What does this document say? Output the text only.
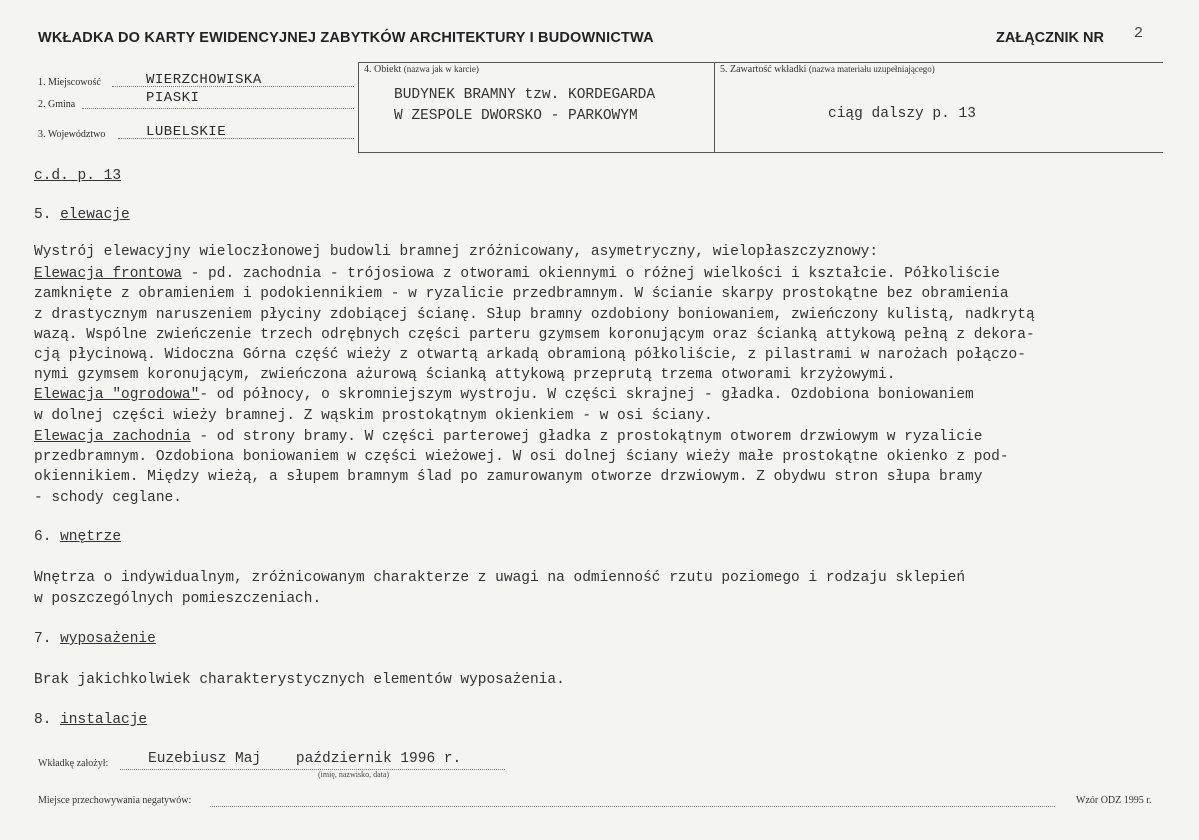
WKŁADKA DO KARTY EWIDENCYJNEJ ZABYTKÓW ARCHITEKTURY I BUDOWNICTWA	ZAŁĄCZNIK NR 2
1. Miejscowość	WIERZCHOWISKA
2. Gmina	PIASKI
3. Województwo	LUBELSKIE
4. Obiekt (nazwa jak w karcie)
BUDYNEK BRAMNY tzw. KORDEGARDA
W ZESPOLE DWORSKO - PARKOWYM
5. Zawartość wkładki (nazwa materiału uzupełniającego)
ciąg dalszy p. 13
c.d. p. 13
5. elewacje
Wystrój elewacyjny wieloczłonowej budowli bramnej zróżnicowany, asymetryczny, wielopłaszczyznowy:
Elewacja frontowa - pd. zachodnia - trójosiowa z otworami okiennymi o różnej wielkości i kształcie. Półkoliście
zamknięte z obramieniem i podokiennikiem - w ryzalicie przedbramnym. W ścianie skarpy prostokątne bez obramienia
z drastycznym naruszeniem płyciny zdobiącej ścianę. Słup bramny ozdobiony boniowaniem, zwieńczony kulistą, nadkrytą
wazą. Wspólne zwieńczenie trzech odrębnych części parteru gzymsem koronującym oraz ścianką attykową pełną z dekora-
cją płycinową. Widoczna Górna część wieży z otwartą arkadą obramioną półkoliście, z pilastrami w narożach połączo-
nymi gzymsem koronującym, zwieńczona ażurową ścianką attykową przeprutą trzema otworami krzyżowymi.
Elewacja "ogrodowa"- od północy, o skromniejszym wystroju. W części skrajnej - gładka. Ozdobiona boniowaniem
w dolnej części wieży bramnej. Z wąskim prostokątnym okienkiem - w osi ściany.
Elewacja zachodnia - od strony bramy. W części parterowej gładka z prostokątnym otworem drzwiowym w ryzalicie
przedbramnym. Ozdobiona boniowaniem w części wieżowej. W osi dolnej ściany wieży małe prostokątne okienko z pod-
okiennikiem. Między wieżą, a słupem bramnym ślad po zamurowanym otworze drzwiowym. Z obydwu stron słupa bramy
- schody ceglane.
6. wnętrze
Wnętrza o indywidualnym, zróżnicowanym charakterze z uwagi na odmienność rzutu poziomego i rodzaju sklepień
w poszczególnych pomieszczeniach.
7. wyposażenie
Brak jakichkolwiek charakterystycznych elementów wyposażenia.
8. instalacje
Wkładkę założył:	Euzebiusz Maj    październik 1996 r.
(imię, nazwisko, data)
Miejsce przechowywania negatywów:	Wzór ODZ 1995 r.
